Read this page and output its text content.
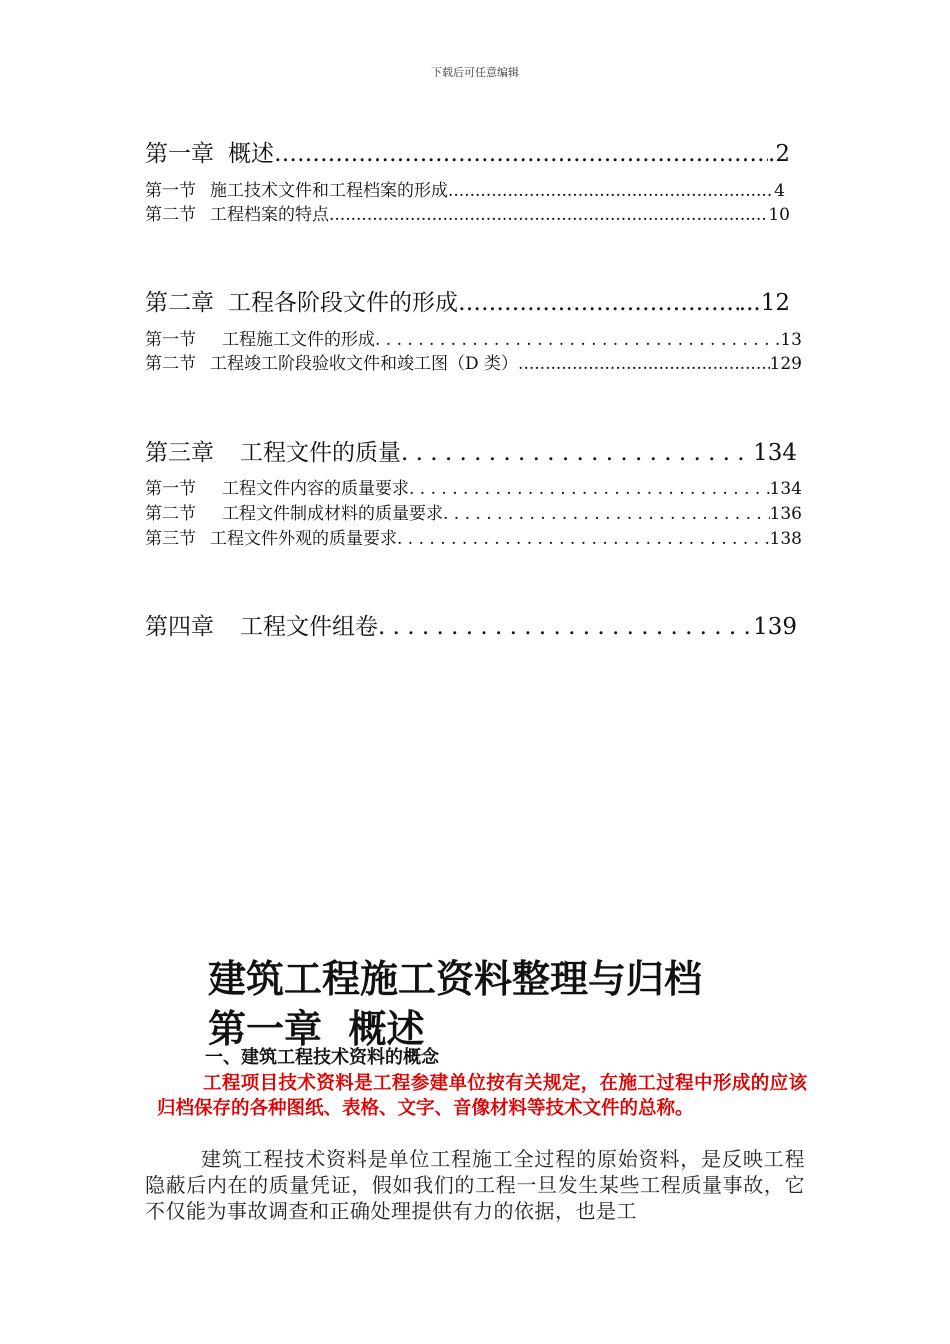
下载后可任意编辑
第一章 概述 ……………………………………………………………………………………………………………………………………	.2
第一节 施工技术文件和工程档案的形成 .....	4
第二节 工程档案的特点 .....	10
第二章 工程各阶段文件的形成 ……………………………………………………………………………………………………………………………………	...12
第一节 工程施工文件的形成 . . .	13
第二节 工程竣工阶段验收文件和竣工图（D 类） .....	129
第三章 工程文件的质量 . . .	134
第一节 工程文件内容的质量要求 . . .	134
第二节 工程文件制成材料的质量要求 . . .	136
第三节 工程文件外观的质量要求 . . .	138
第四章 工程文件组卷 . . .	139
建筑工程施工资料整理与归档
第一章  概述
一、建筑工程技术资料的概念
工程项目技术资料是工程参建单位按有关规定，在施工过程中形成的应该归档保存的各种图纸、表格、文字、音像材料等技术文件的总称。
建筑工程技术资料是单位工程施工全过程的原始资料，是反映工程隐蔽后内在的质量凭证，假如我们的工程一旦发生某些工程质量事故，它不仅能为事故调查和正确处理提供有力的依据，也是工
